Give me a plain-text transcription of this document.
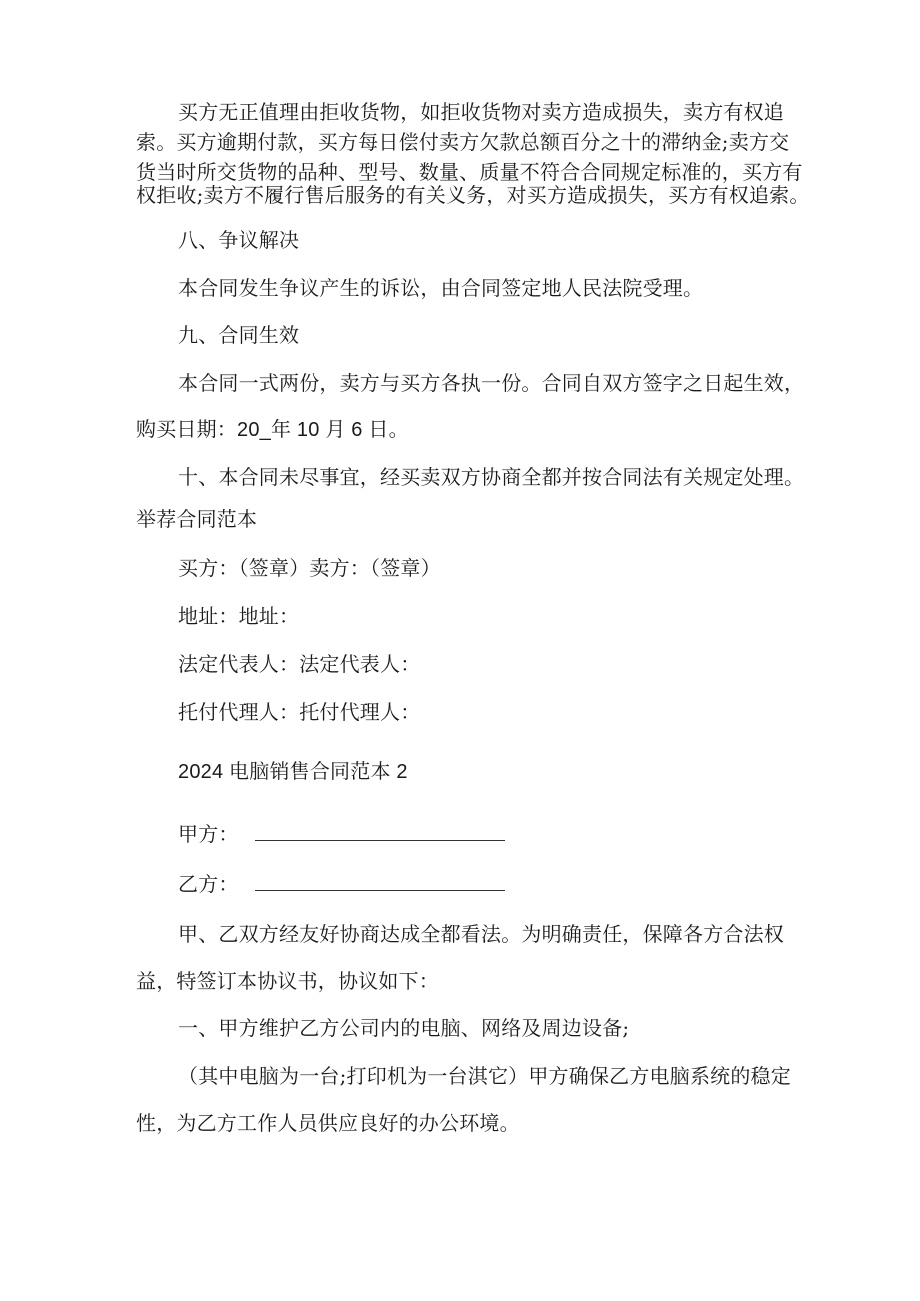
买方无正值理由拒收货物，如拒收货物对卖方造成损失，卖方有权追
索。买方逾期付款，买方每日偿付卖方欠款总额百分之十的滞纳金;卖方交
货当时所交货物的品种、型号、数量、质量不符合合同规定标准的，买方有
权拒收;卖方不履行售后服务的有关义务，对买方造成损失，买方有权追索。
八、争议解决
本合同发生争议产生的诉讼，由合同签定地人民法院受理。
九、合同生效
本合同一式两份，卖方与买方各执一份。合同自双方签字之日起生效，
购买日期：20_年 10 月 6 日。
十、本合同未尽事宜，经买卖双方协商全都并按合同法有关规定处理。
举荐合同范本
买方：（签章）卖方：（签章）
地址：地址：
法定代表人：法定代表人：
托付代理人：托付代理人：
2024 电脑销售合同范本 2
甲方：
乙方：
甲、乙双方经友好协商达成全都看法。为明确责任，保障各方合法权
益，特签订本协议书，协议如下：
一、甲方维护乙方公司内的电脑、网络及周边设备;
（其中电脑为一台;打印机为一台淇它）甲方确保乙方电脑系统的稳定
性，为乙方工作人员供应良好的办公环境。
